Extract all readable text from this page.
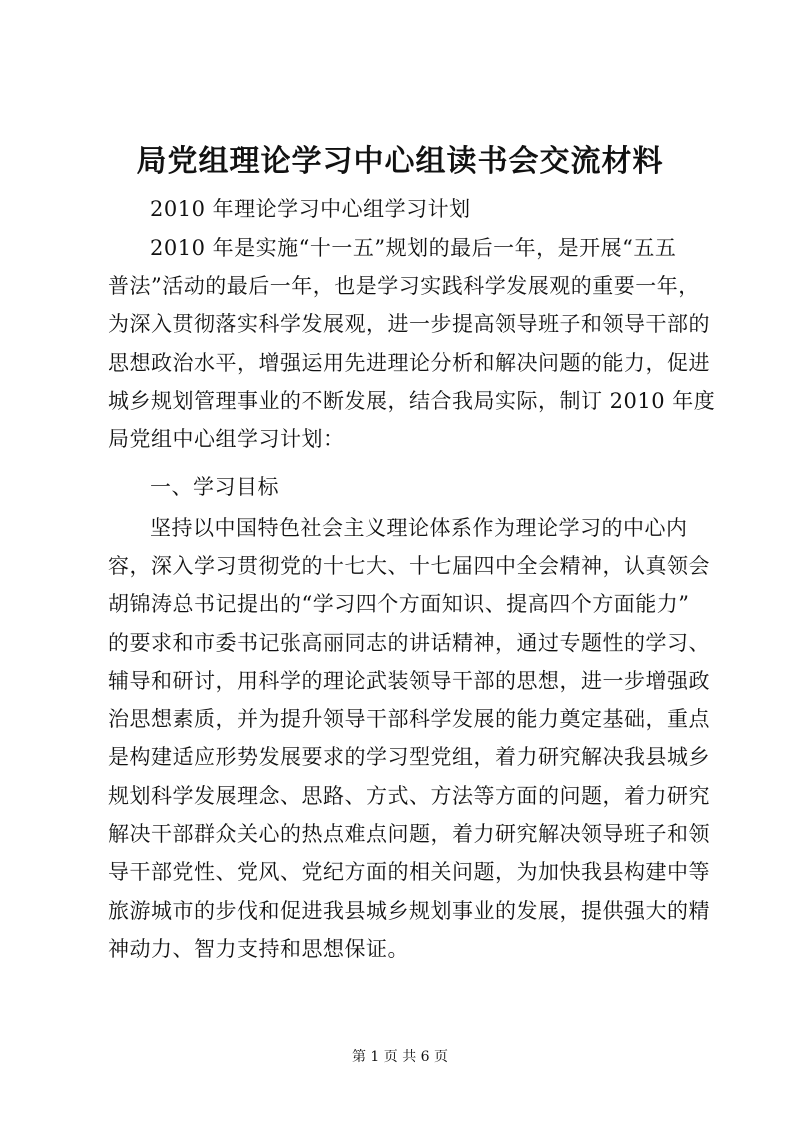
局党组理论学习中心组读书会交流材料
2010 年理论学习中心组学习计划
2010 年是实施“十一五”规划的最后一年，是开展“五五
普法”活动的最后一年，也是学习实践科学发展观的重要一年，
为深入贯彻落实科学发展观，进一步提高领导班子和领导干部的
思想政治水平，增强运用先进理论分析和解决问题的能力，促进
城乡规划管理事业的不断发展，结合我局实际，制订 2010 年度
局党组中心组学习计划：
一、学习目标
坚持以中国特色社会主义理论体系作为理论学习的中心内
容，深入学习贯彻党的十七大、十七届四中全会精神，认真领会
胡锦涛总书记提出的“学习四个方面知识、提高四个方面能力”
的要求和市委书记张高丽同志的讲话精神，通过专题性的学习、
辅导和研讨，用科学的理论武装领导干部的思想，进一步增强政
治思想素质，并为提升领导干部科学发展的能力奠定基础，重点
是构建适应形势发展要求的学习型党组，着力研究解决我县城乡
规划科学发展理念、思路、方式、方法等方面的问题，着力研究
解决干部群众关心的热点难点问题，着力研究解决领导班子和领
导干部党性、党风、党纪方面的相关问题，为加快我县构建中等
旅游城市的步伐和促进我县城乡规划事业的发展，提供强大的精
神动力、智力支持和思想保证。
第 1 页 共 6 页
